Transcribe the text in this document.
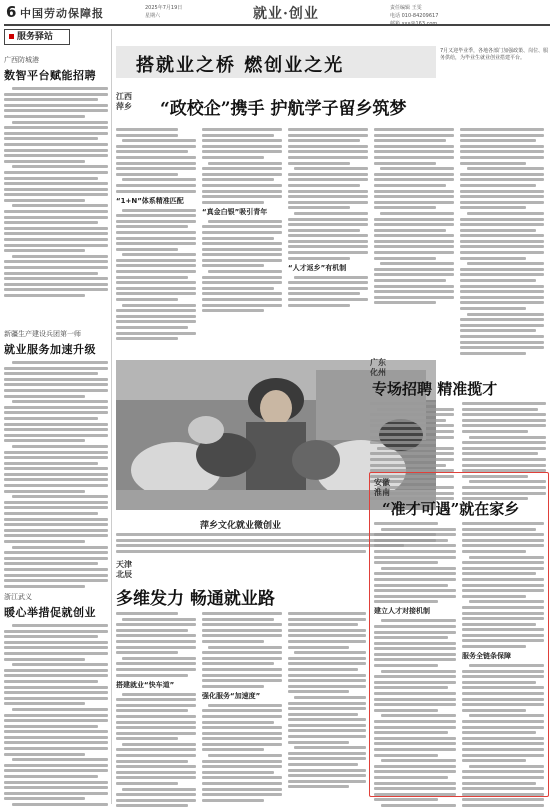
6 中国劳动保障报	2025年7月19日
星期六	就业·创业	责任编辑 王雯
电话 010-84209617
服务驿站
广西防城港
数智平台赋能招聘
新疆生产建设兵团第一师
就业服务加速升级
浙江武义
暖心举措促就创业
搭就业之桥 燃创业之光
7月又迎毕业季，各地各部门加强政策、岗位、服务供给，为毕业生就业创业搭建平台。
江西
萍乡 “政校企”携手 护航学子留乡筑梦
“1+N”体系精准匹配
“真金白银”吸引青年
“人才返乡”有机制
萍乡文化就业微创业
广东
化州
专场招聘 精准揽才
天津
北辰
多维发力 畅通就业路
搭建就业“快车道”
强化服务“加速度”
安徽
淮南
“准才可遇”就在家乡
建立人才对接机制
服务全链条保障
